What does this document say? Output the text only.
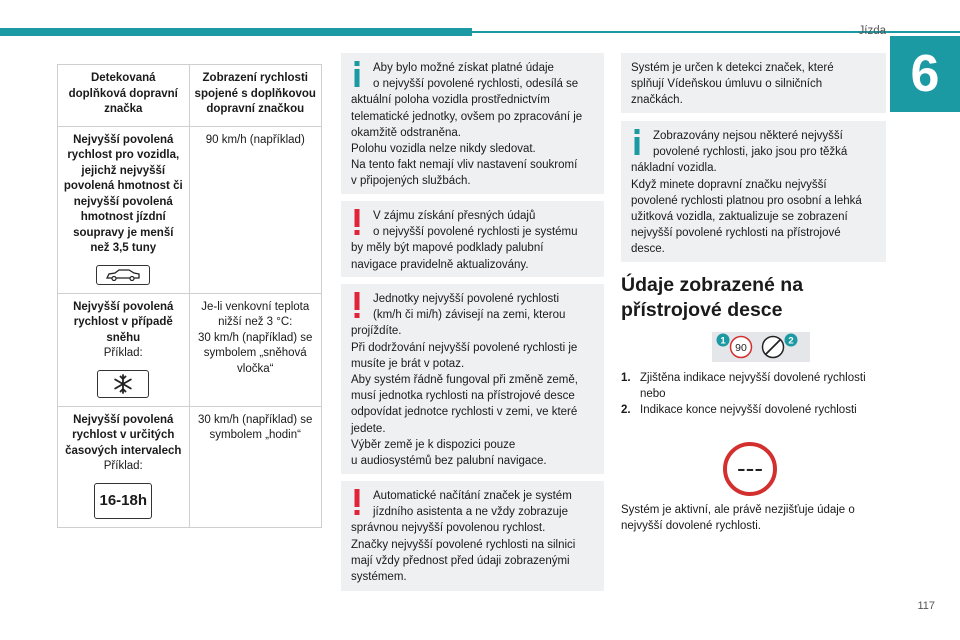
Jízda
6
Detekovaná doplňková dopravní značka
Zobrazení rychlosti spojené s doplňkovou dopravní značkou
Nejvyšší povolená rychlost pro vozidla, jejichž nejvyšší povolená hmotnost či nejvyšší povolená hmotnost jízdní soupravy je menší než 3,5 tuny
90 km/h (například)
Nejvyšší povolená rychlost v případě sněhu
Příklad:
Je-li venkovní teplota nižší než 3 °C:
30 km/h (například) se symbolem „sněhová vločka“
Nejvyšší povolená rychlost v určitých časových intervalech
Příklad:
16-18h
30 km/h (například) se symbolem „hodin“
Aby bylo možné získat platné údaje
o nejvyšší povolené rychlosti, odesílá se
aktuální poloha vozidla prostřednictvím
telematické jednotky, ovšem po zpracování je
okamžitě odstraněna.
Polohu vozidla nelze nikdy sledovat.
Na tento fakt nemají vliv nastavení soukromí
v připojených službách.
V zájmu získání přesných údajů
o nejvyšší povolené rychlosti je systému
by měly být mapové podklady palubní
navigace pravidelně aktualizovány.
Jednotky nejvyšší povolené rychlosti
(km/h či mi/h) závisejí na zemi, kterou
projíždíte.
Při dodržování nejvyšší povolené rychlosti je
musíte je brát v potaz.
Aby systém řádně fungoval při změně země,
musí jednotka rychlosti na přístrojové desce
odpovídat jednotce rychlosti v zemi, ve které
jedete.
Výběr země je k dispozici pouze
u audiosystémů bez palubní navigace.
Automatické načítání značek je systém
jízdního asistenta a ne vždy zobrazuje
správnou nejvyšší povolenou rychlost.
Značky nejvyšší povolené rychlosti na silnici
mají vždy přednost před údaji zobrazenými
systémem.
Systém je určen k detekci značek, které
splňují Vídeňskou úmluvu o silničních
značkách.
Zobrazovány nejsou některé nejvyšší
povolené rychlosti, jako jsou pro těžká
nákladní vozidla.
Když minete dopravní značku nejvyšší
povolené rychlosti platnou pro osobní a lehká
užitková vozidla, zaktualizuje se zobrazení
nejvyšší povolené rychlosti na přístrojové
desce.
Údaje zobrazené na přístrojové desce
90
1	2
1. Zjištěna indikace nejvyšší dovolené rychlosti nebo
2. Indikace konce nejvyšší dovolené rychlosti
---
Systém je aktivní, ale právě nezjišťuje údaje o nejvyšší dovolené rychlosti.
117
